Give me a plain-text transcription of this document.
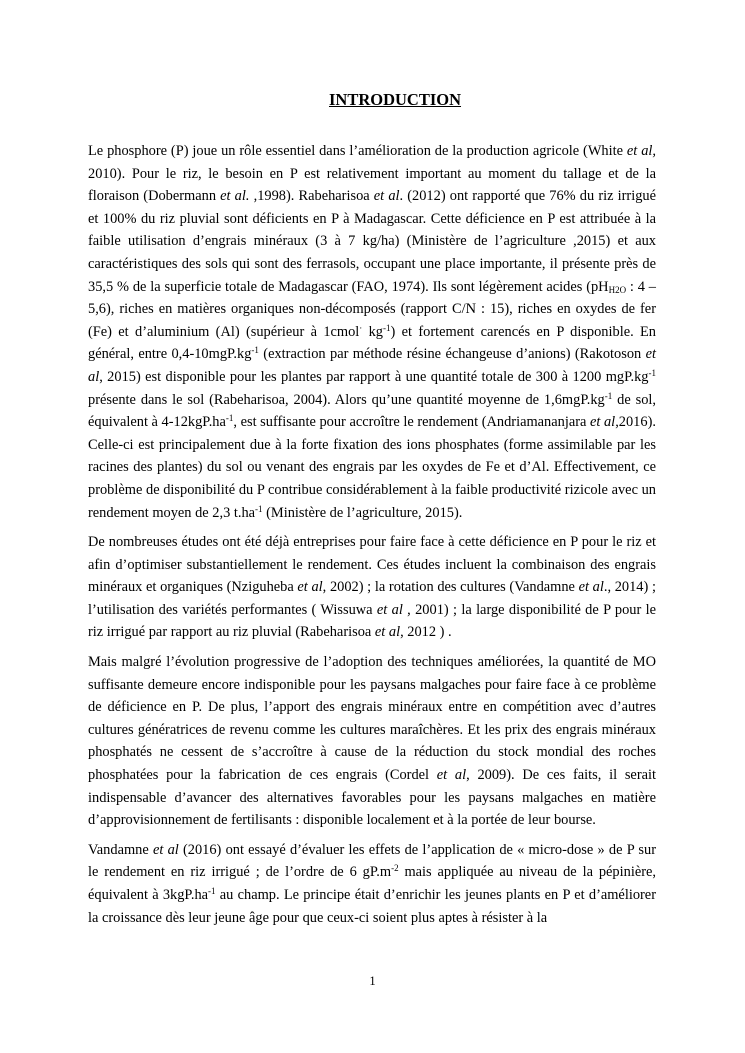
INTRODUCTION

Le phosphore (P) joue un rôle essentiel dans l’amélioration de la production agricole (White et al, 2010). Pour le riz, le besoin en P est relativement important au moment du tallage et de la floraison (Dobermann et al. ,1998). Rabeharisoa et al. (2012) ont rapporté que 76% du riz irrigué et 100% du riz pluvial sont déficients en P à Madagascar. Cette déficience en P est attribuée à la faible utilisation d’engrais minéraux (3 à 7 kg/ha) (Ministère de l’agriculture ,2015) et aux caractéristiques des sols qui sont des ferrasols, occupant une place importante, il présente près de 35,5 % de la superficie totale de Madagascar (FAO, 1974). Ils sont légèrement acides ($pH_{H2O}$ : 4 – 5,6), riches en matières organiques non-décomposés (rapport C/N : 15), riches en oxydes de fer (Fe) et d’aluminium (Al) (supérieur à 1cmol· $kg^{-1}$) et fortement carencés en P disponible. En général, entre $0,4-10mgP.kg^{-1}$ (extraction par méthode résine échangeuse d’anions) (Rakotoson et al, 2015) est disponible pour les plantes par rapport à une quantité totale de 300 à 1200 $mgP.kg^{-1}$ présente dans le sol (Rabeharisoa, 2004). Alors qu’une quantité moyenne de $1,6mgP.kg^{-1}$ de sol, équivalent à $4-12kgP.ha^{-1}$, est suffisante pour accroître le rendement (Andriamananjara et al,2016). Celle-ci est principalement due à la forte fixation des ions phosphates (forme assimilable par les racines des plantes) du sol ou venant des engrais par les oxydes de Fe et d’Al. Effectivement, ce problème de disponibilité du P contribue considérablement à la faible productivité rizicole avec un rendement moyen de 2,3 $t.ha^{-1}$ (Ministère de l’agriculture, 2015).

De nombreuses études ont été déjà entreprises pour faire face à cette déficience en P pour le riz et afin d’optimiser substantiellement le rendement. Ces études incluent la combinaison des engrais minéraux et organiques (Nziguheba et al, 2002) ; la rotation des cultures (Vandamne et al., 2014) ; l’utilisation des variétés performantes ( Wissuwa et al , 2001) ; la large disponibilité de P pour le riz irrigué par rapport au riz pluvial (Rabeharisoa et al, 2012 ) .

Mais malgré l’évolution progressive de l’adoption des techniques améliorées, la quantité de MO suffisante demeure encore indisponible pour les paysans malgaches pour faire face à ce problème de déficience en P. De plus, l’apport des engrais minéraux entre en compétition avec d’autres cultures génératrices de revenu comme les cultures maraîchères. Et les prix des engrais minéraux phosphatés ne cessent de s’accroître à cause de la réduction du stock mondial des roches phosphatées pour la fabrication de ces engrais (Cordel et al, 2009). De ces faits, il serait indispensable d’avancer des alternatives favorables pour les paysans malgaches en matière d’approvisionnement de fertilisants : disponible localement et à la portée de leur bourse.

Vandamne et al (2016) ont essayé d’évaluer les effets de l’application de « micro-dose » de P sur le rendement en riz irrigué ; de l’ordre de 6 $gP.m^{-2}$ mais appliquée au niveau de la pépinière, équivalent à $3kgP.ha^{-1}$ au champ. Le principe était d’enrichir les jeunes plants en P et d’améliorer la croissance dès leur jeune âge pour que ceux-ci soient plus aptes à résister à la

1
